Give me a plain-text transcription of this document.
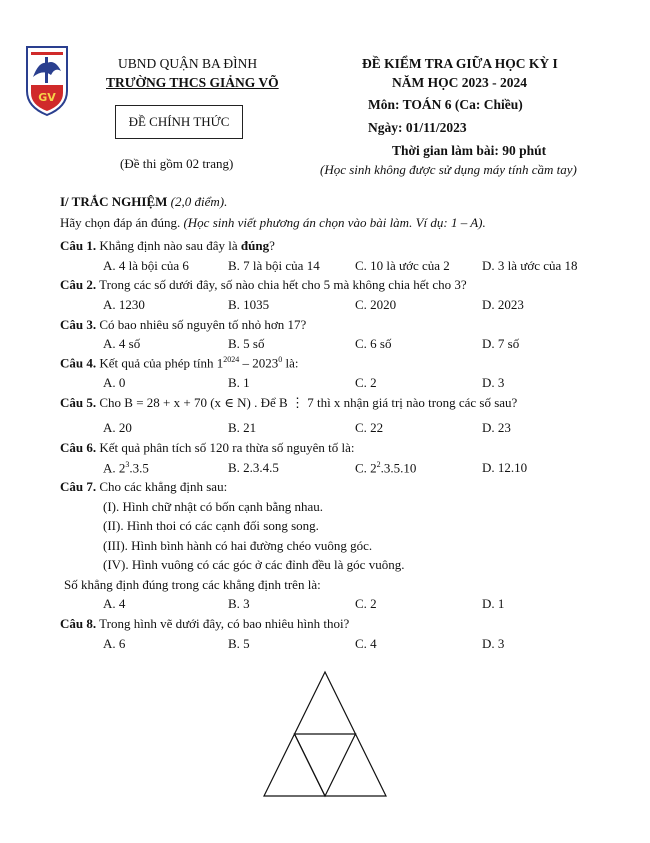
GV
UBND QUẬN BA ĐÌNH
TRƯỜNG THCS GIẢNG VÕ
ĐỀ CHÍNH THỨC
(Đề thi gồm 02 trang)
ĐỀ KIỂM TRA GIỮA HỌC KỲ I
NĂM HỌC 2023 - 2024
Môn: TOÁN 6 (Ca: Chiều)
Ngày: 01/11/2023
Thời gian làm bài: 90 phút
(Học sinh không được sử dụng máy tính cầm tay)
I/ TRẮC NGHIỆM (2,0 điểm).
Hãy chọn đáp án đúng. (Học sinh viết phương án chọn vào bài làm. Ví dụ: 1 – A).
Câu 1. Khẳng định nào sau đây là đúng?
A. 4 là bội của 6	B. 7 là bội của 14	C. 10 là ước của 2 D. 3 là ước của 18
Câu 2. Trong các số dưới đây, số nào chia hết cho 5 mà không chia hết cho 3?
A. 1230	B. 1035	C. 2020	D. 2023
Câu 3. Có bao nhiêu số nguyên tố nhỏ hơn 17?
A. 4 số	B. 5 số	C. 6 số	D. 7 số
Câu 4. Kết quả của phép tính $1^{2024} - 2023^0$ là:
A. 0	B. 1	C. 2	D. 3
Câu 5. Cho B = 28 + x + 70 (x ∈ N) . Để B ⋮ 7 thì x nhận giá trị nào trong các số sau?
A. 20	B. 21	C. 22	D. 23
Câu 6. Kết quả phân tích số 120 ra thừa số nguyên tố là:
A. $2^3.3.5$	B. 2.3.4.5	C. $2^2.3.5.10$	D. 12.10
Câu 7. Cho các khẳng định sau:
(I). Hình chữ nhật có bốn cạnh bằng nhau.
(II). Hình thoi có các cạnh đối song song.
(III). Hình bình hành có hai đường chéo vuông góc.
(IV). Hình vuông có các góc ở các đỉnh đều là góc vuông.
Số khẳng định đúng trong các khẳng định trên là:
A. 4	B. 3	C. 2	D. 1
Câu 8. Trong hình vẽ dưới đây, có bao nhiêu hình thoi?
A. 6	B. 5	C. 4	D. 3
